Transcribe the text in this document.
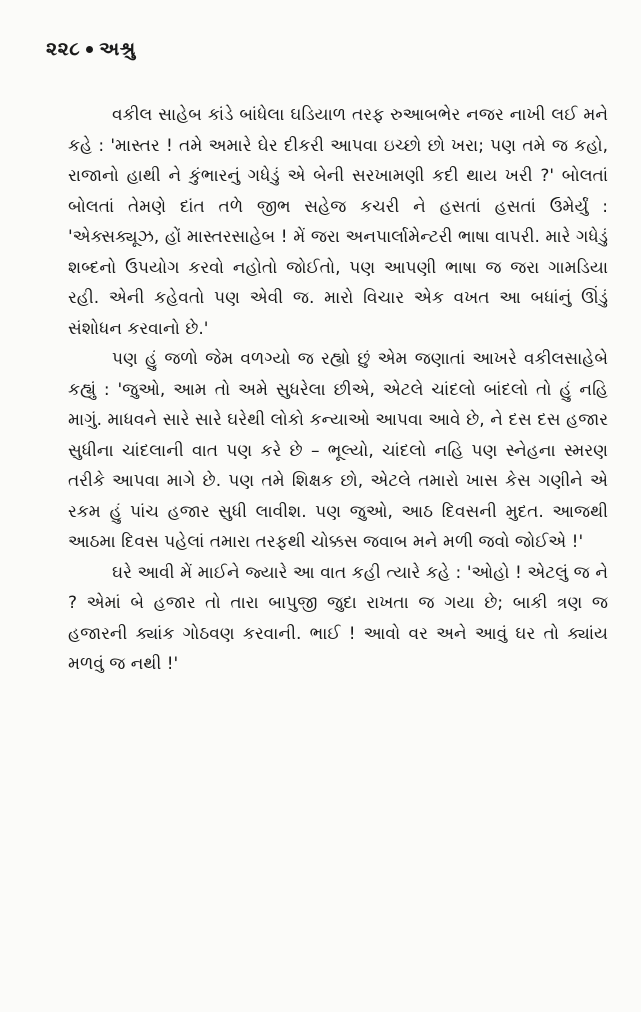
૨૨૮ અશ્રુ

વકીલ સાહેબ કાંડે બાંધેલા ઘડિયાળ તરફ રુઆબભેર નજર નાખી લઈ મને કહે : 'માસ્તર ! તમે અમારે ઘેર દીકરી આપવા ઇચ્છો છો ખરા; પણ તમે જ કહો, રાજાનો હાથી ને કુંભારનું ગધેડું એ બેની સરખામણી કદી થાય ખરી ?' બોલતાં બોલતાં તેમણે દાંત તળે જીભ સહેજ કચરી ને હસતાં હસતાં ઉમેર્યું : 'એક્સક્યૂઝ, હોં માસ્તરસાહેબ ! મેં જરા અનપાર્લામેન્ટરી ભાષા વાપરી. મારે ગધેડું શબ્દનો ઉપયોગ કરવો નહોતો જોઈતો, પણ આપણી ભાષા જ જરા ગામડિયા રહી. એની કહેવતો પણ એવી જ. મારો વિચાર એક વખત આ બધાંનું ઊંડું સંશોધન કરવાનો છે.'

પણ હું જળો જેમ વળગ્યો જ રહ્યો છું એમ જણાતાં આખરે વકીલસાહેબે કહ્યું : 'જુઓ, આમ તો અમે સુધરેલા છીએ, એટલે ચાંદલો બાંદલો તો હું નહિ માગું. માધવને સારે સારે ઘરેથી લોકો કન્યાઓ આપવા આવે છે, ને દસ દસ હજાર સુધીના ચાંદલાની વાત પણ કરે છે – ભૂલ્યો, ચાંદલો નહિ પણ સ્નેહના સ્મરણ તરીકે આપવા માગે છે. પણ તમે શિક્ષક છો, એટલે તમારો ખાસ કેસ ગણીને એ રકમ હું પાંચ હજાર સુધી લાવીશ. પણ જુઓ, આઠ દિવસની મુદત. આજથી આઠમા દિવસ પહેલાં તમારા તરફથી ચોક્કસ જવાબ મને મળી જવો જોઈએ !'

ઘરે આવી મેં માઈને જ્યારે આ વાત કહી ત્યારે કહે : 'ઓહો ! એટલું જ ને ? એમાં બે હજાર તો તારા બાપુજી જુદા રાખતા જ ગયા છે; બાકી ત્રણ જ હજારની ક્યાંક ગોઠવણ કરવાની. ભાઈ ! આવો વર અને આવું ઘર તો ક્યાંય મળવું જ નથી !'
